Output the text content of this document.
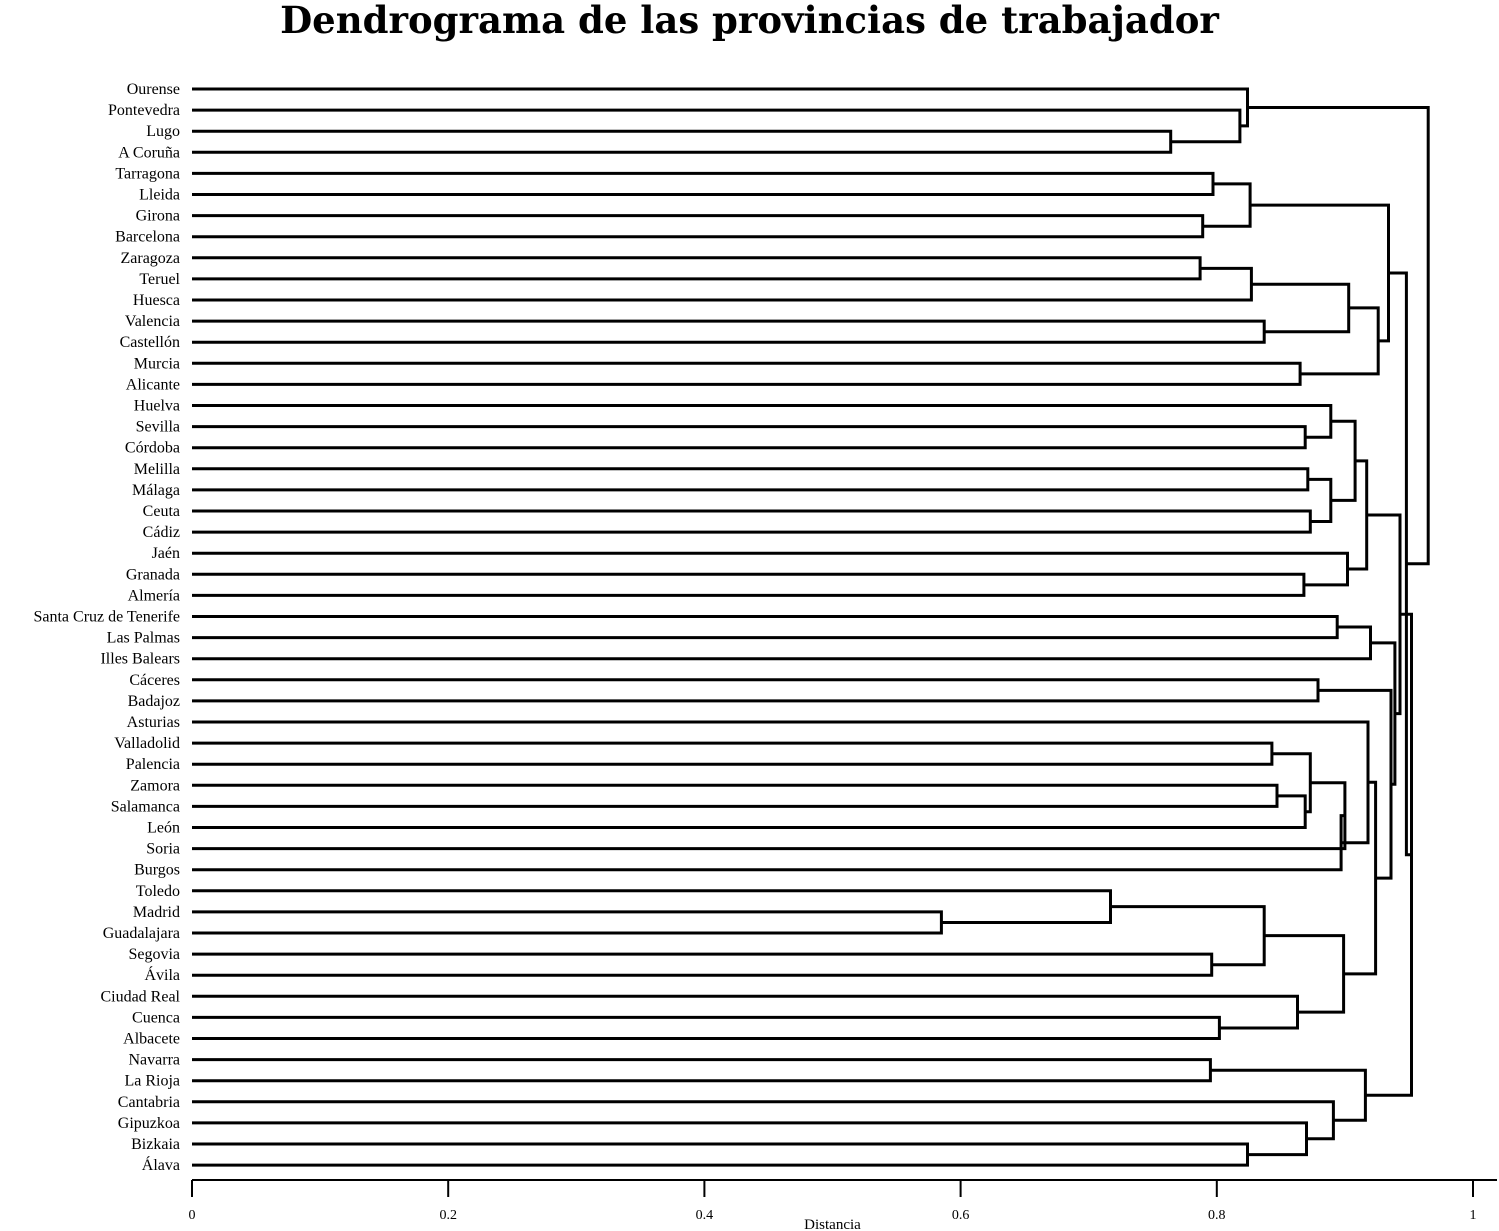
Dendrograma de las provincias de trabajador
Ourense
Pontevedra
Lugo
A Coruña
Tarragona
Lleida
Girona
Barcelona
Zaragoza
Teruel
Huesca
Valencia
Castellón
Murcia
Alicante
Huelva
Sevilla
Córdoba
Melilla
Málaga
Ceuta
Cádiz
Jaén
Granada
Almería
Santa Cruz de Tenerife
Las Palmas
Illes Balears
Cáceres
Badajoz
Asturias
Valladolid
Palencia
Zamora
Salamanca
León
Soria
Burgos
Toledo
Madrid
Guadalajara
Segovia
Ávila
Ciudad Real
Cuenca
Albacete
Navarra
La Rioja
Cantabria
Gipuzkoa
Bizkaia
Álava
0	0.2	0.4	0.6	0.8	1
Distancia
